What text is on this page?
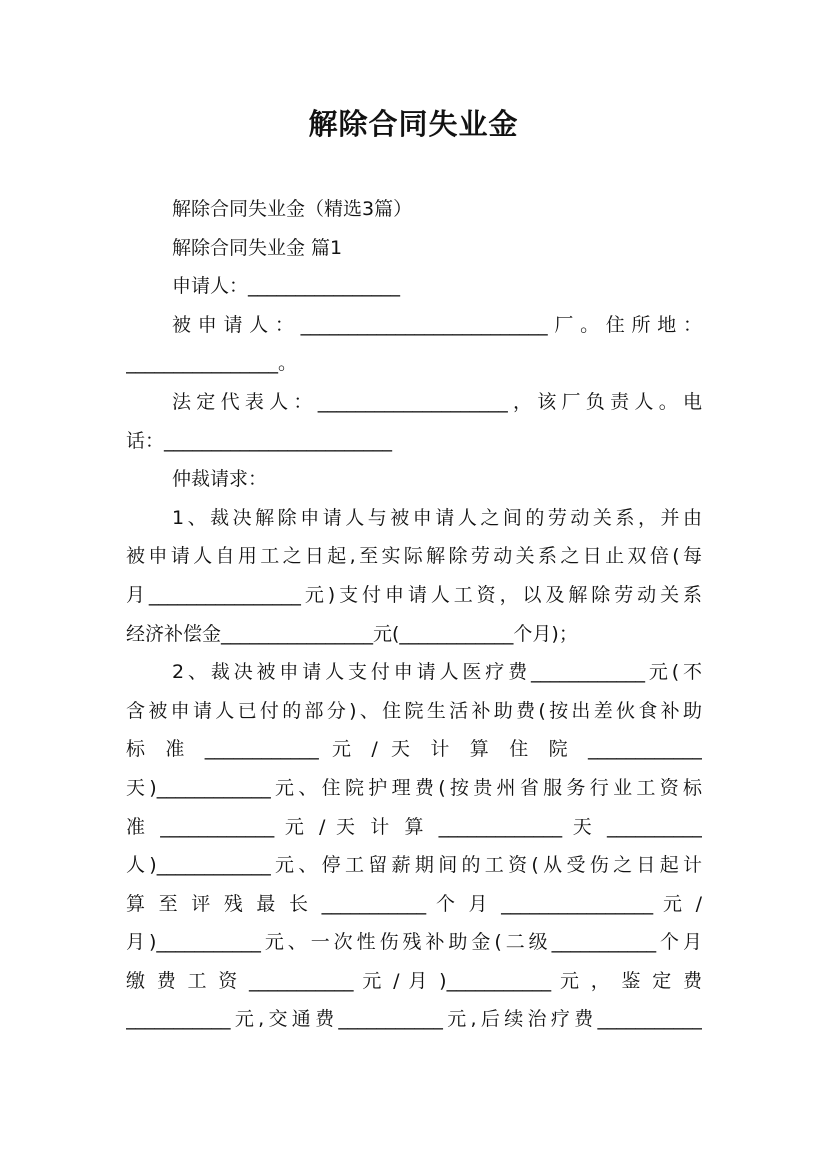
解除合同失业金
解除合同失业金（精选3篇）
解除合同失业金 篇1
申请人：________________
被申请人：__________________________厂。住所地：
________________。
法定代表人：____________________，该厂负责人。电
话：________________________
仲裁请求：
1、裁决解除申请人与被申请人之间的劳动关系，并由
被申请人自用工之日起,至实际解除劳动关系之日止双倍(每
月________________元)支付申请人工资，以及解除劳动关系
经济补偿金________________元(____________个月)；
2、裁决被申请人支付申请人医疗费____________元(不
含被申请人已付的部分)、住院生活补助费(按出差伙食补助
标 准 ____________ 元 / 天 计 算 住 院 ____________
天)____________元、住院护理费(按贵州省服务行业工资标
准 ____________ 元 / 天 计 算 _____________ 天 __________
人)____________元、停工留薪期间的工资(从受伤之日起计
算 至 评 残 最 长 ___________ 个 月 ________________ 元 /
月)___________元、一次性伤残补助金(二级___________个月
缴 费 工 资 ___________ 元 / 月 )___________ 元 ， 鉴 定 费
___________元,交通费___________元,后续治疗费___________
